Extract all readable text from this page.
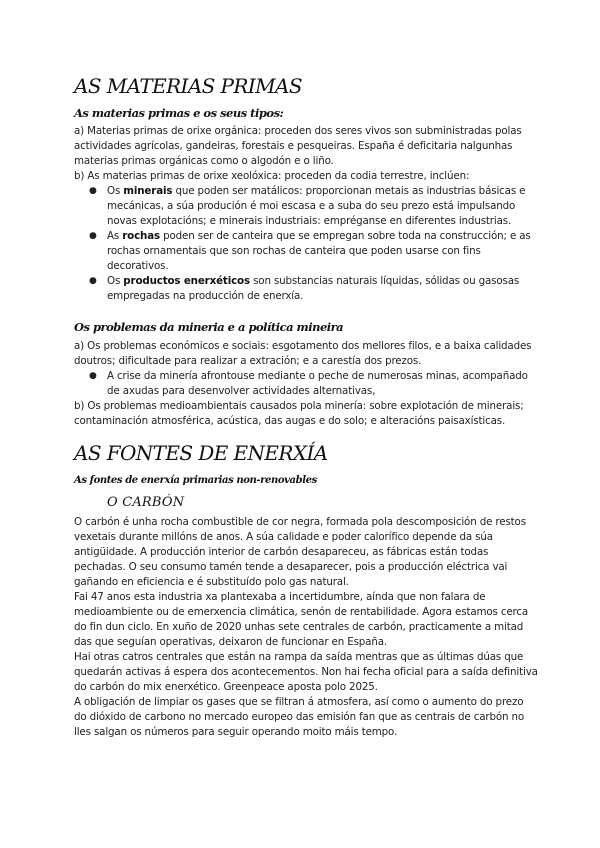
AS MATERIAS PRIMAS
As materias primas e os seus tipos:

a) Materias primas de orixe orgánica: proceden dos seres vivos son subministradas polas

actividades agrícolas, gandeiras, forestais e pesqueiras. España é deficitaria nalgunhas

materias primas orgánicas como o algodón e o liño.

b) As materias primas de orixe xeolóxica: proceden da codia terrestre, inclúen:

● Os minerais que poden ser matálicos: proporcionan metais as industrias básicas e

mecánicas, a súa produción é moi escasa e a suba do seu prezo está impulsando

novas explotacións; e minerais industriais: empréganse en diferentes industrias.

● As rochas poden ser de canteira que se empregan sobre toda na construcción; e as

rochas ornamentais que son rochas de canteira que poden usarse con fins

decorativos.

● Os productos enerxéticos son substancias naturais líquidas, sólidas ou gasosas

empregadas na producción de enerxía.

Os problemas da mineria e a política mineira

a) Os problemas económicos e sociais: esgotamento dos mellores filos, e a baixa calidades

doutros; dificultade para realizar a extración; e a carestía dos prezos.

● A crise da minería afrontouse mediante o peche de numerosas minas, acompañado

de axudas para desenvolver actividades alternativas,

b) Os problemas medioambientais causados pola minería: sobre explotación de minerais;

contaminación atmosférica, acústica, das augas e do solo; e alteracións paisaxísticas.

AS FONTES DE ENERXÍA
As fontes de enerxía primarias non-renovables
O CARBÓN

O carbón é unha rocha combustible de cor negra, formada pola descomposición de restos

vexetais durante millóns de anos. A súa calidade e poder calorífico depende da súa

antigüidade. A producción interior de carbón desapareceu, as fábricas están todas

pechadas. O seu consumo tamén tende a desaparecer, pois a producción eléctrica vai

gañando en eficiencia e é substituído polo gas natural.

Fai 47 anos esta industria xa plantexaba a incertidumbre, aínda que non falara de

medioambiente ou de emerxencia climática, senón de rentabilidade. Agora estamos cerca

do fin dun ciclo. En xuño de 2020 unhas sete centrales de carbón, practicamente a mitad

das que seguían operativas, deixaron de funcionar en España.

Hai otras catros centrales que están na rampa da saída mentras que as últimas dúas que

quedarán activas á espera dos acontecementos. Non hai fecha oficial para a saída definitiva

do carbón do mix enerxético. Greenpeace aposta polo 2025.

A obligación de limpiar os gases que se filtran á atmosfera, así como o aumento do prezo

do dióxido de carbono no mercado europeo das emisión fan que as centrais de carbón no

lles salgan os números para seguir operando moito máis tempo.
